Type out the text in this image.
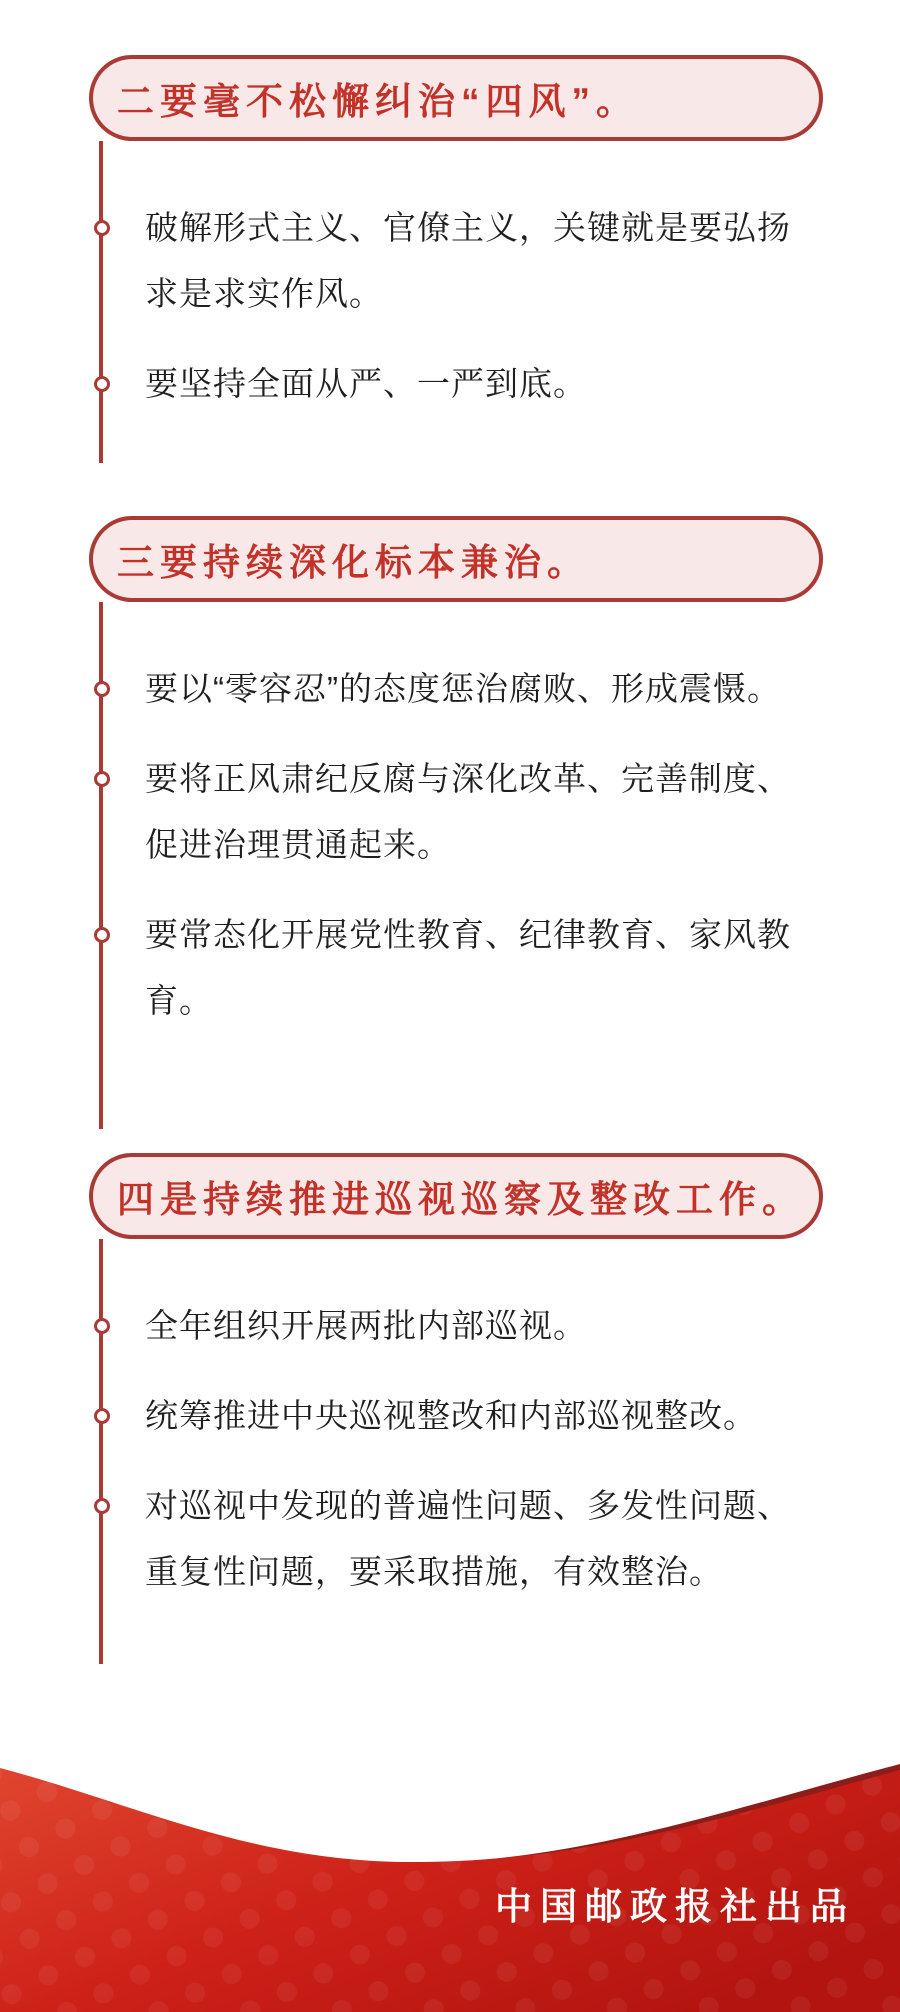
二要毫不松懈纠治“四风”。
破解形式主义、官僚主义，关键就是要弘扬求是求实作风。
要坚持全面从严、一严到底。
三要持续深化标本兼治。
要以“零容忍”的态度惩治腐败、形成震慑。
要将正风肃纪反腐与深化改革、完善制度、促进治理贯通起来。
要常态化开展党性教育、纪律教育、家风教育。
四是持续推进巡视巡察及整改工作。
全年组织开展两批内部巡视。
统筹推进中央巡视整改和内部巡视整改。
对巡视中发现的普遍性问题、多发性问题、重复性问题，要采取措施，有效整治。
中国邮政报社出品
